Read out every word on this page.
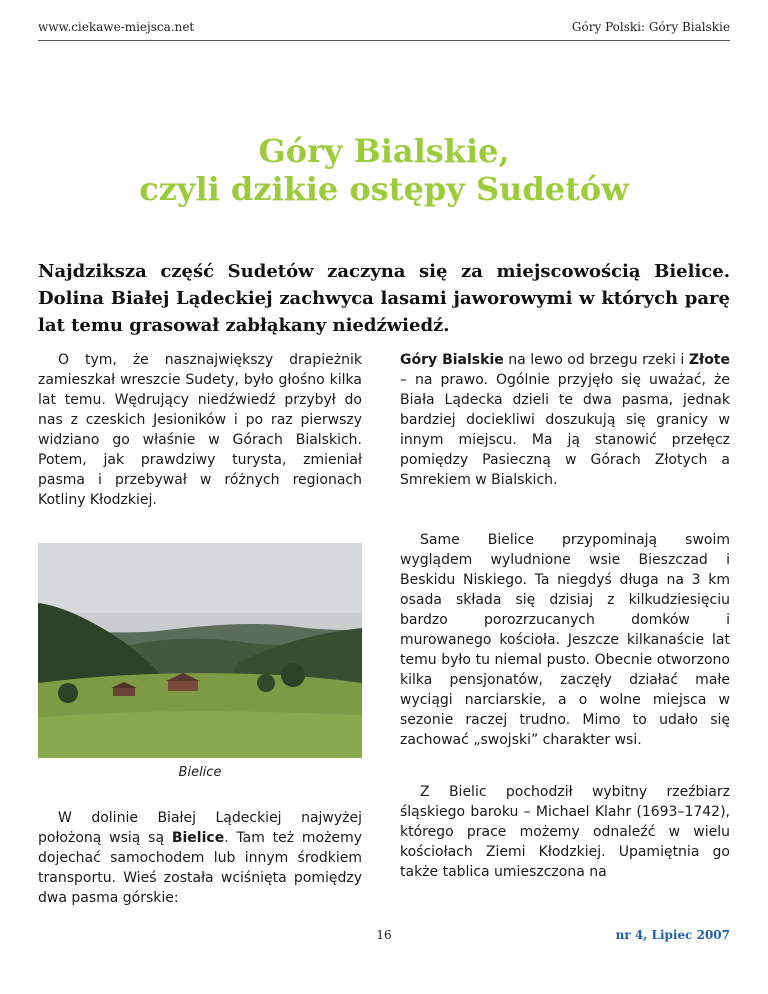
www.ciekawe-miejsca.net	Góry Polski: Góry Bialskie
Góry Bialskie,
czyli dzikie ostępy Sudetów
Najdziksza część Sudetów zaczyna się za miejscowością Bielice. Dolina Białej Lądeckiej zachwyca lasami jaworowymi w których parę lat temu grasował zabłąkany niedźwiedź.

O tym, że nasznajwiększy drapieżnik zamieszkał wreszcie Sudety, było głośno kilka lat temu. Wędrujący niedźwiedź przybył do nas z czeskich Jesioników i po raz pierwszy widziano go właśnie w Górach Bialskich. Potem, jak prawdziwy turysta, zmieniał pasma i przebywał w różnych regionach Kotliny Kłodzkiej.

Bielice

W dolinie Białej Lądeckiej najwyżej położoną wsią są Bielice. Tam też możemy dojechać samochodem lub innym środkiem transportu. Wieś została wciśnięta pomiędzy dwa pasma górskie:

Góry Bialskie na lewo od brzegu rzeki i Złote – na prawo. Ogólnie przyjęło się uważać, że Biała Lądecka dzieli te dwa pasma, jednak bardziej dociekliwi doszukują się granicy w innym miejscu. Ma ją stanowić przełęcz pomiędzy Pasieczną w Górach Złotych a Smrekiem w Bialskich.

Same Bielice przypominają swoim wyglądem wyludnione wsie Bieszczad i Beskidu Niskiego. Ta niegdyś długa na 3 km osada składa się dzisiaj z kilkudziesięciu bardzo porozrzucanych domków i murowanego kościoła. Jeszcze kilkanaście lat temu było tu niemal pusto. Obecnie otworzono kilka pensjonatów, zaczęły działać małe wyciągi narciarskie, a o wolne miejsca w sezonie raczej trudno. Mimo to udało się zachować „swojski” charakter wsi.

Z Bielic pochodził wybitny rzeźbiarz śląskiego baroku – Michael Klahr (1693–1742), którego prace możemy odnaleźć w wielu kościołach Ziemi Kłodzkiej. Upamiętnia go także tablica umieszczona na

16	nr 4, Lipiec 2007
